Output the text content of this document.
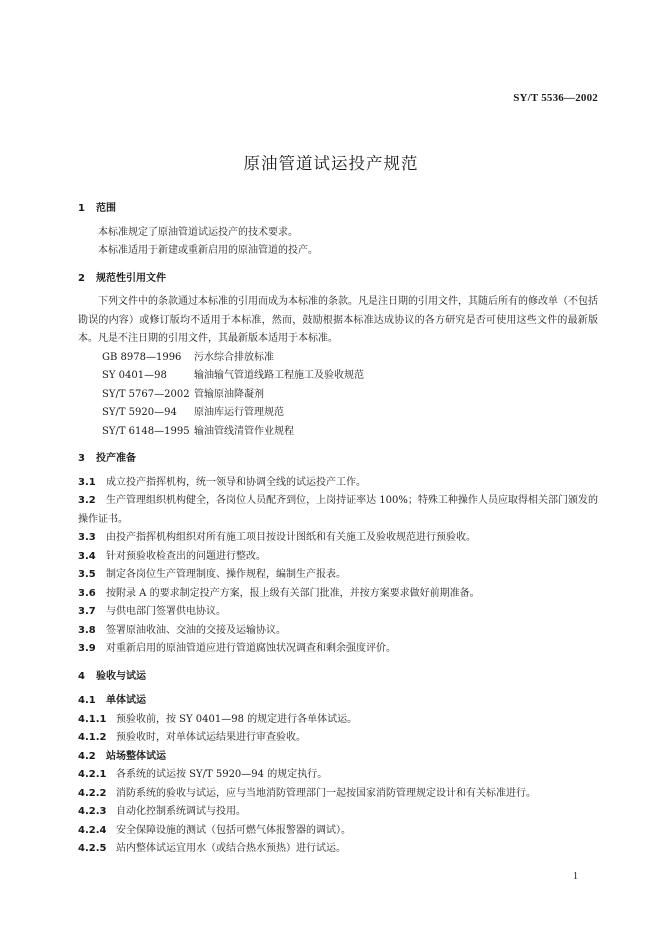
SY/T 5536—2002
原油管道试运投产规范
1 范围
本标准规定了原油管道试运投产的技术要求。
本标准适用于新建或重新启用的原油管道的投产。
2 规范性引用文件
下列文件中的条款通过本标准的引用而成为本标准的条款。凡是注日期的引用文件，其随后所有的修改单（不包括勘误的内容）或修订版均不适用于本标准，然而，鼓励根据本标准达成协议的各方研究是否可使用这些文件的最新版本。凡是不注日期的引用文件，其最新版本适用于本标准。
GB 8978—1996 污水综合排放标准
SY 0401—98	输油输气管道线路工程施工及验收规范
SY/T 5767—2002 管输原油降凝剂
SY/T 5920—94 原油库运行管理规范
SY/T 6148—1995 输油管线清管作业规程
3 投产准备
3.1 成立投产指挥机构，统一领导和协调全线的试运投产工作。
3.2 生产管理组织机构健全，各岗位人员配齐到位，上岗持证率达 100%；特殊工种操作人员应取得相关部门颁发的操作证书。
3.3 由投产指挥机构组织对所有施工项目按设计图纸和有关施工及验收规范进行预验收。
3.4 针对预验收检查出的问题进行整改。
3.5 制定各岗位生产管理制度、操作规程，编制生产报表。
3.6 按附录 A 的要求制定投产方案，报上级有关部门批准，并按方案要求做好前期准备。
3.7 与供电部门签署供电协议。
3.8 签署原油收油、交油的交接及运输协议。
3.9 对重新启用的原油管道应进行管道腐蚀状况调查和剩余强度评价。
4 验收与试运
4.1 单体试运
4.1.1 预验收前，按 SY 0401—98 的规定进行各单体试运。
4.1.2 预验收时，对单体试运结果进行审查验收。
4.2 站场整体试运
4.2.1 各系统的试运按 SY/T 5920—94 的规定执行。
4.2.2 消防系统的验收与试运，应与当地消防管理部门一起按国家消防管理规定设计和有关标准进行。
4.2.3 自动化控制系统调试与投用。
4.2.4 安全保障设施的测试（包括可燃气体报警器的调试）。
4.2.5 站内整体试运宜用水（或结合热水预热）进行试运。
1
